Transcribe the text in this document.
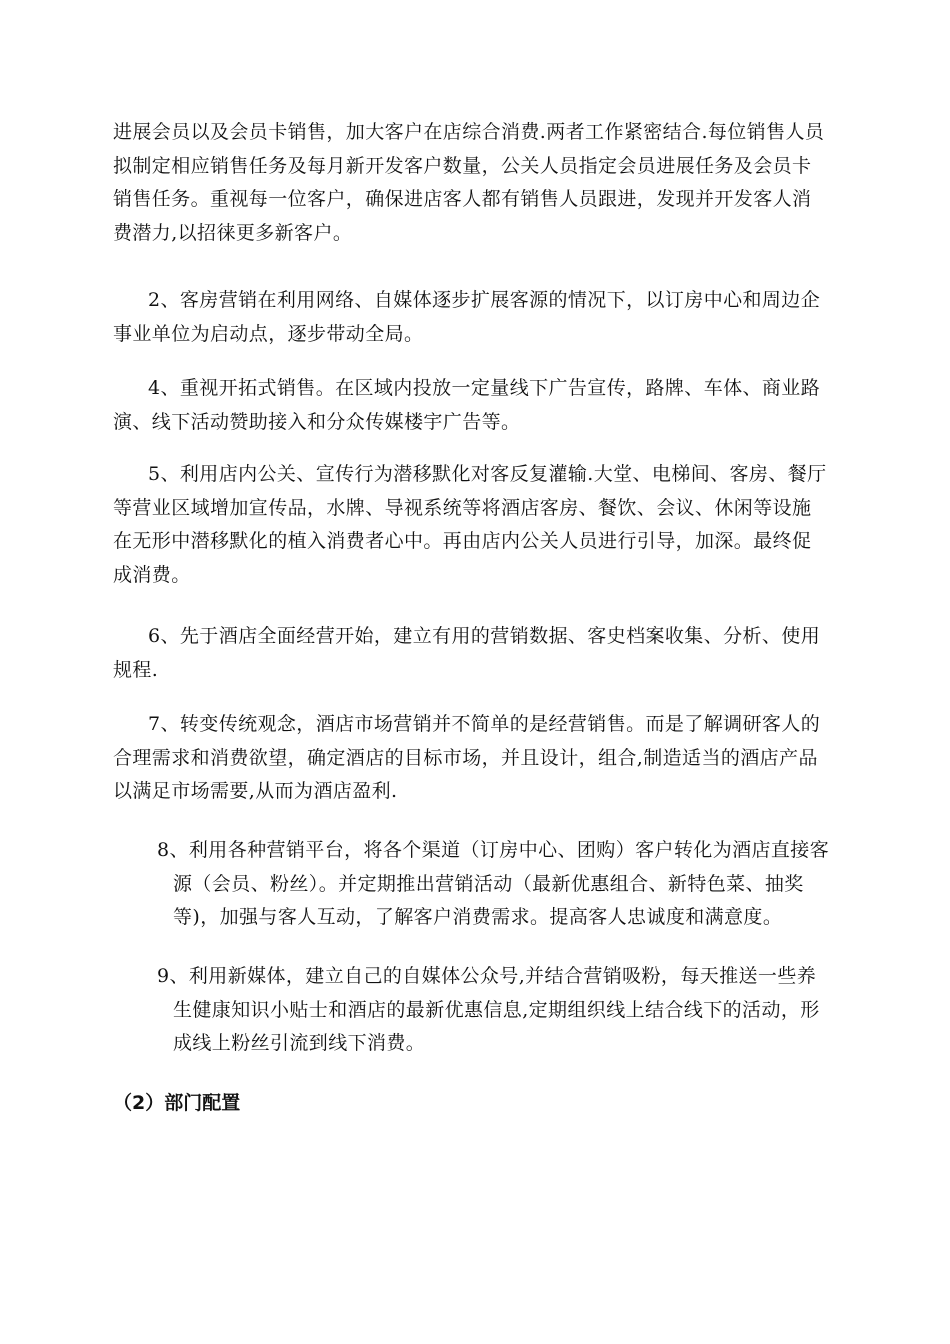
进展会员以及会员卡销售，加大客户在店综合消费.两者工作紧密结合.每位销售人员拟制定相应销售任务及每月新开发客户数量，公关人员指定会员进展任务及会员卡销售任务。重视每一位客户，确保进店客人都有销售人员跟进，发现并开发客人消费潜力,以招徕更多新客户。

2、客房营销在利用网络、自媒体逐步扩展客源的情况下，以订房中心和周边企事业单位为启动点，逐步带动全局。

4、重视开拓式销售。在区域内投放一定量线下广告宣传，路牌、车体、商业路演、线下活动赞助接入和分众传媒楼宇广告等。

5、利用店内公关、宣传行为潜移默化对客反复灌输.大堂、电梯间、客房、餐厅等营业区域增加宣传品，水牌、导视系统等将酒店客房、餐饮、会议、休闲等设施在无形中潜移默化的植入消费者心中。再由店内公关人员进行引导，加深。最终促成消费。

6、先于酒店全面经营开始，建立有用的营销数据、客史档案收集、分析、使用规程.

7、转变传统观念，酒店市场营销并不简单的是经营销售。而是了解调研客人的合理需求和消费欲望，确定酒店的目标市场，并且设计，组合,制造适当的酒店产品以满足市场需要,从而为酒店盈利.

8、利用各种营销平台，将各个渠道（订房中心、团购）客户转化为酒店直接客源（会员、粉丝）。并定期推出营销活动（最新优惠组合、新特色菜、抽奖等)，加强与客人互动，了解客户消费需求。提高客人忠诚度和满意度。

9、利用新媒体，建立自己的自媒体公众号,并结合营销吸粉，每天推送一些养生健康知识小贴士和酒店的最新优惠信息,定期组织线上结合线下的活动，形成线上粉丝引流到线下消费。

（2）部门配置
